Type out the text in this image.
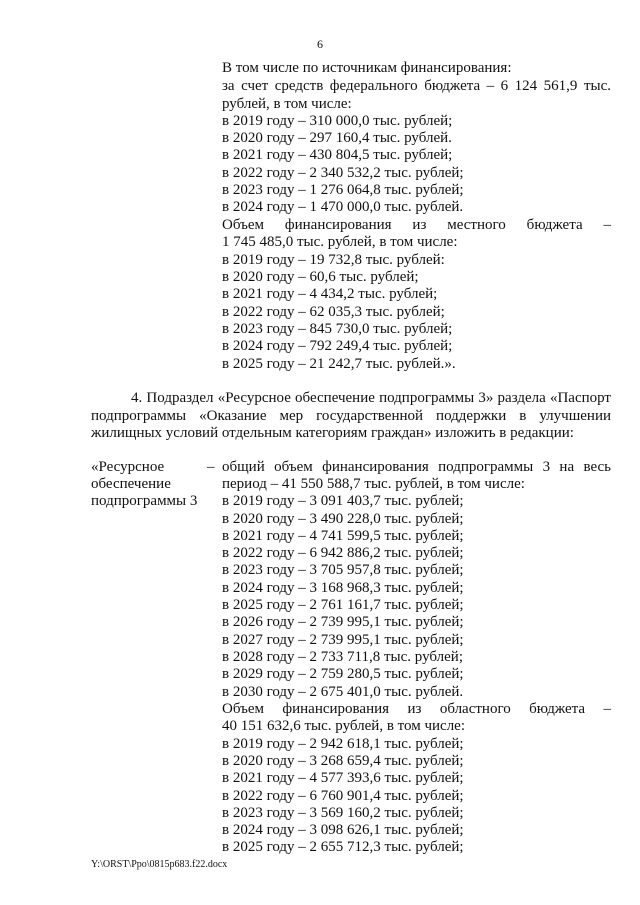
6
В том числе по источникам финансирования:
за счет средств федерального бюджета – 6 124 561,9 тыс.
рублей, в том числе:
в 2019 году – 310 000,0 тыс. рублей;
в 2020 году – 297 160,4 тыс. рублей.
в 2021 году – 430 804,5 тыс. рублей;
в 2022 году – 2 340 532,2 тыс. рублей;
в 2023 году – 1 276 064,8 тыс. рублей;
в 2024 году – 1 470 000,0 тыс. рублей.
Объем финансирования из местного бюджета –
1 745 485,0 тыс. рублей, в том числе:
в 2019 году – 19 732,8 тыс. рублей:
в 2020 году – 60,6 тыс. рублей;
в 2021 году – 4 434,2 тыс. рублей;
в 2022 году – 62 035,3 тыс. рублей;
в 2023 году – 845 730,0 тыс. рублей;
в 2024 году – 792 249,4 тыс. рублей;
в 2025 году – 21 242,7 тыс. рублей.».
4. Подраздел «Ресурсное обеспечение подпрограммы 3» раздела «Паспорт
подпрограммы «Оказание мер государственной поддержки в улучшении
жилищных условий отдельным категориям граждан» изложить в редакции:
«Ресурсное
обеспечение
подпрограммы 3
– общий объем финансирования подпрограммы 3 на весь
период – 41 550 588,7 тыс. рублей, в том числе:
в 2019 году – 3 091 403,7 тыс. рублей;
в 2020 году – 3 490 228,0 тыс. рублей;
в 2021 году – 4 741 599,5 тыс. рублей;
в 2022 году – 6 942 886,2 тыс. рублей;
в 2023 году – 3 705 957,8 тыс. рублей;
в 2024 году – 3 168 968,3 тыс. рублей;
в 2025 году – 2 761 161,7 тыс. рублей;
в 2026 году – 2 739 995,1 тыс. рублей;
в 2027 году – 2 739 995,1 тыс. рублей;
в 2028 году – 2 733 711,8 тыс. рублей;
в 2029 году – 2 759 280,5 тыс. рублей;
в 2030 году – 2 675 401,0 тыс. рублей.
Объем финансирования из областного бюджета –
40 151 632,6 тыс. рублей, в том числе:
в 2019 году – 2 942 618,1 тыс. рублей;
в 2020 году – 3 268 659,4 тыс. рублей;
в 2021 году – 4 577 393,6 тыс. рублей;
в 2022 году – 6 760 901,4 тыс. рублей;
в 2023 году – 3 569 160,2 тыс. рублей;
в 2024 году – 3 098 626,1 тыс. рублей;
в 2025 году – 2 655 712,3 тыс. рублей;
Y:\ORST\Ppo\0815p683.f22.docx
